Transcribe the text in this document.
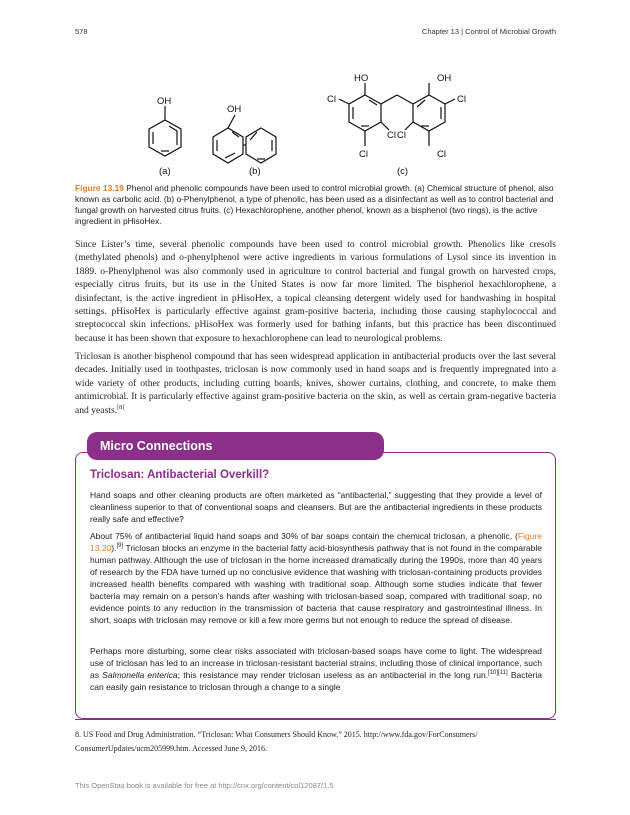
578	Chapter 13 | Control of Microbial Growth
OH
OH
HO	OH
Cl
Cl
Cl
Cl
Cl
Cl
(a)	(b)	(c)
Figure 13.19 Phenol and phenolic compounds have been used to control microbial growth. (a) Chemical structure of phenol, also known as carbolic acid. (b) o-Phenylphenol, a type of phenolic, has been used as a disinfectant as well as to control bacterial and fungal growth on harvested citrus fruits. (c) Hexachlorophene, another phenol, known as a bisphenol (two rings), is the active ingredient in pHisoHex.

Since Lister’s time, several phenolic compounds have been used to control microbial growth. Phenolics like cresols (methylated phenols) and o-phenylphenol were active ingredients in various formulations of Lysol since its invention in 1889. o-Phenylphenol was also commonly used in agriculture to control bacterial and fungal growth on harvested crops, especially citrus fruits, but its use in the United States is now far more limited. The bisphenol hexachlorophene, a disinfectant, is the active ingredient in pHisoHex, a topical cleansing detergent widely used for handwashing in hospital settings. pHisoHex is particularly effective against gram-positive bacteria, including those causing staphylococcal and streptococcal skin infections. pHisoHex was formerly used for bathing infants, but this practice has been discontinued because it has been shown that exposure to hexachlorophene can lead to neurological problems.

Triclosan is another bisphenol compound that has seen widespread application in antibacterial products over the last several decades. Initially used in toothpastes, triclosan is now commonly used in hand soaps and is frequently impregnated into a wide variety of other products, including cutting boards, knives, shower curtains, clothing, and concrete, to make them antimicrobial. It is particularly effective against gram-positive bacteria on the skin, as well as certain gram-negative bacteria and yeasts.[8]

Micro Connections
Triclosan: Antibacterial Overkill?

Hand soaps and other cleaning products are often marketed as “antibacterial,” suggesting that they provide a level of cleanliness superior to that of conventional soaps and cleansers. But are the antibacterial ingredients in these products really safe and effective?

About 75% of antibacterial liquid hand soaps and 30% of bar soaps contain the chemical triclosan, a phenolic, (Figure 13.20).[9] Triclosan blocks an enzyme in the bacterial fatty acid-biosynthesis pathway that is not found in the comparable human pathway. Although the use of triclosan in the home increased dramatically during the 1990s, more than 40 years of research by the FDA have turned up no conclusive evidence that washing with triclosan-containing products provides increased health benefits compared with washing with traditional soap. Although some studies indicate that fewer bacteria may remain on a person’s hands after washing with triclosan-based soap, compared with traditional soap, no evidence points to any reduction in the transmission of bacteria that cause respiratory and gastrointestinal illness. In short, soaps with triclosan may remove or kill a few more germs but not enough to reduce the spread of disease.

Perhaps more disturbing, some clear risks associated with triclosan-based soaps have come to light. The widespread use of triclosan has led to an increase in triclosan-resistant bacterial strains, including those of clinical importance, such as Salmonella enterica; this resistance may render triclosan useless as an antibacterial in the long run.[10][11] Bacteria can easily gain resistance to triclosan through a change to a single

8. US Food and Drug Administration. “Triclosan: What Consumers Should Know.” 2015. http://www.fda.gov/ForConsumers/
ConsumerUpdates/ucm205999.htm. Accessed June 9, 2016.
This OpenStax book is available for free at http://cnx.org/content/col12087/1.5
